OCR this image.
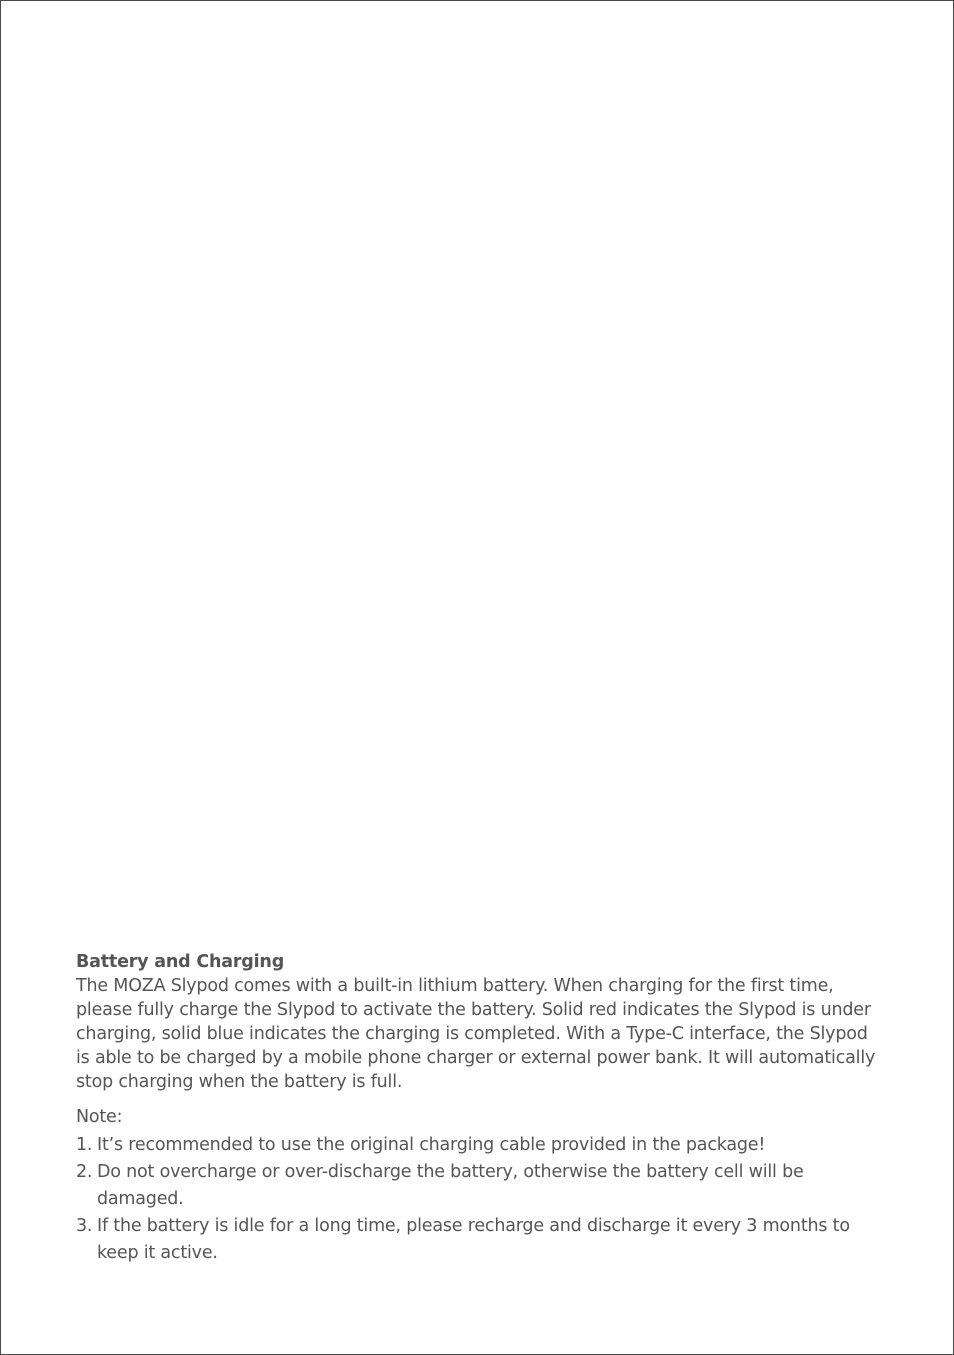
Battery and Charging

The MOZA Slypod comes with a built-in lithium battery. When charging for the first time, please fully charge the Slypod to activate the battery. Solid red indicates the Slypod is under charging, solid blue indicates the charging is completed. With a Type-C interface, the Slypod is able to be charged by a mobile phone charger or external power bank. It will automatically stop charging when the battery is full.

Note:

1. It’s recommended to use the original charging cable provided in the package!
2. Do not overcharge or over-discharge the battery, otherwise the battery cell will be damaged.
3. If the battery is idle for a long time, please recharge and discharge it every 3 months to keep it active.
